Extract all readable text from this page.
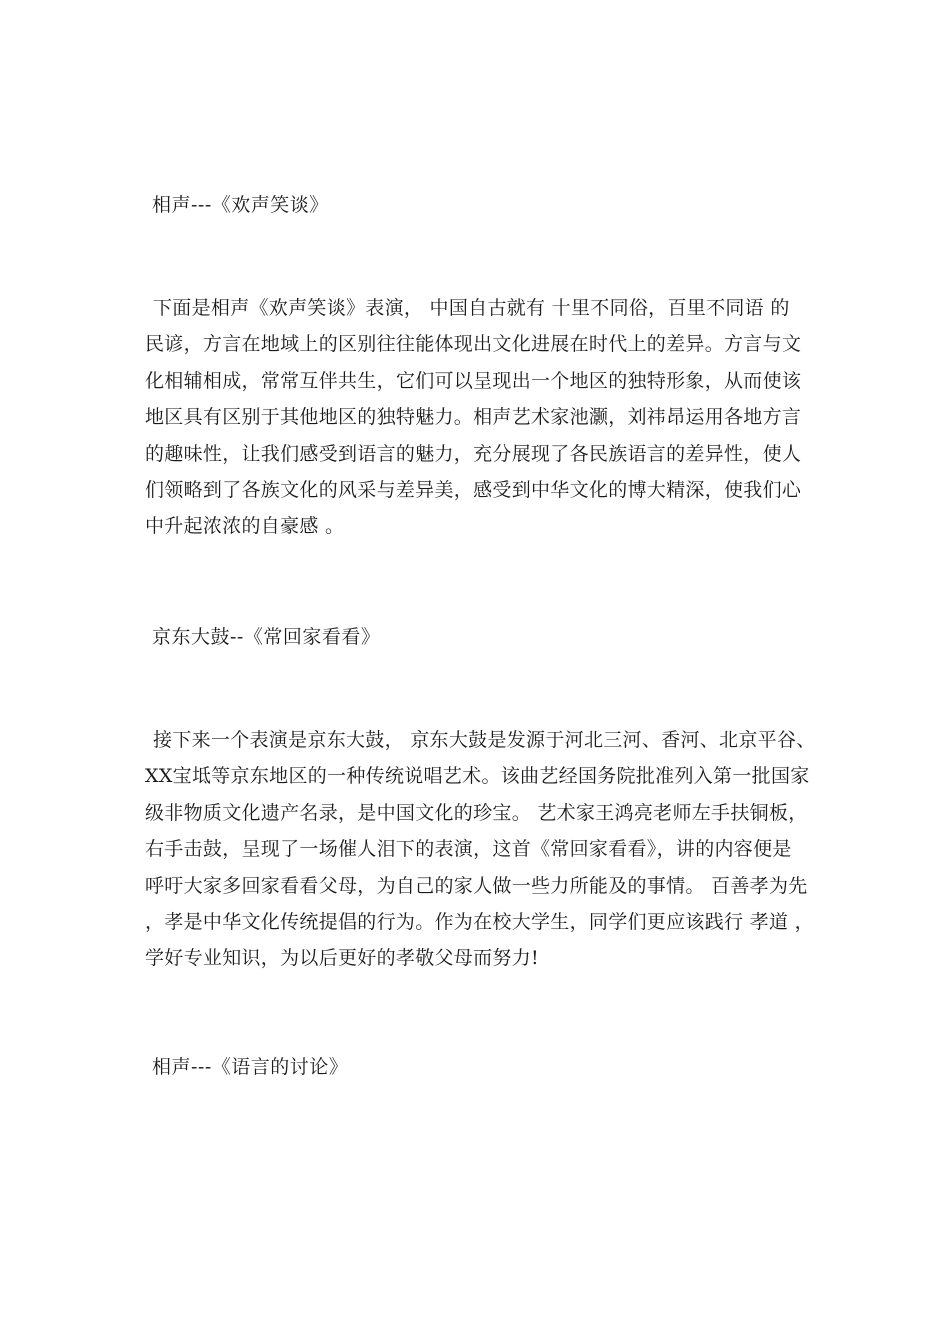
相声---《欢声笑谈》
下面是相声《欢声笑谈》表演， 中国自古就有 十里不同俗，百里不同语 的
民谚，方言在地域上的区别往往能体现出文化进展在时代上的差异。方言与文
化相辅相成，常常互伴共生，它们可以呈现出一个地区的独特形象，从而使该
地区具有区别于其他地区的独特魅力。相声艺术家池灏，刘祎昂运用各地方言
的趣味性，让我们感受到语言的魅力，充分展现了各民族语言的差异性，使人
们领略到了各族文化的风采与差异美，感受到中华文化的博大精深，使我们心
中升起浓浓的自豪感 。
京东大鼓--《常回家看看》
接下来一个表演是京东大鼓， 京东大鼓是发源于河北三河、香河、北京平谷、
XX宝坻等京东地区的一种传统说唱艺术。该曲艺经国务院批准列入第一批国家
级非物质文化遗产名录，是中国文化的珍宝。 艺术家王鸿亮老师左手扶铜板，
右手击鼓，呈现了一场催人泪下的表演，这首《常回家看看》，讲的内容便是
呼吁大家多回家看看父母，为自己的家人做一些力所能及的事情。 百善孝为先
，孝是中华文化传统提倡的行为。作为在校大学生，同学们更应该践行 孝道 ，
学好专业知识，为以后更好的孝敬父母而努力!
相声---《语言的讨论》
